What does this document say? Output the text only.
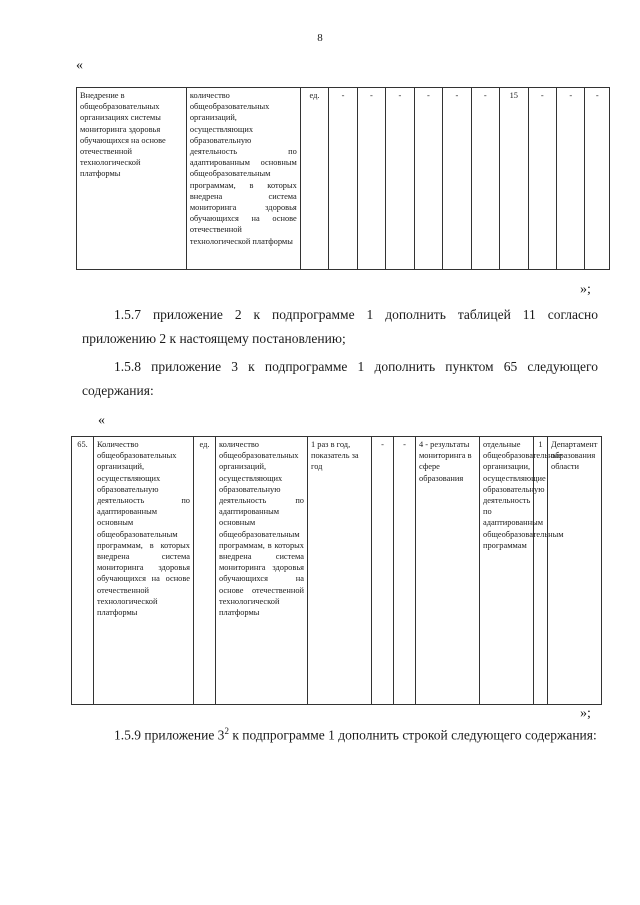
8
«
Внедрение в общеобразовательных организациях системы мониторинга здоровья обучающихся на основе отечественной технологической платформы	количество общеобразовательных организаций, осуществляющих образовательную деятельность по адаптированным основным общеобразовательным программам, в которых внедрена система мониторинга здоровья обучающихся на основе отечественной технологической платформы	ед.	-	-	-	-	-	-	15	-	-	-
»;
1.5.7 приложение 2 к подпрограмме 1 дополнить таблицей 11 согласно приложению 2 к настоящему постановлению;
1.5.8 приложение 3 к подпрограмме 1 дополнить пунктом 65 следующего содержания:
«
65.	Количество общеобразовательных организаций, осуществляющих образовательную деятельность по адаптированным основным общеобразовательным программам, в которых внедрена система мониторинга здоровья обучающихся на основе отечественной технологической платформы	ед.	количество общеобразовательных организаций, осуществляющих образовательную деятельность по адаптированным основным общеобразовательным программам, в которых внедрена система мониторинга здоровья обучающихся на основе отечественной технологической платформы	1 раз в год, показатель за год	-	-	4 - результаты мониторинга в сфере образования	отдельные общеобразовательные организации, осуществляющие образовательную деятельность по адаптированным общеобразовательным программам	1	Департамент образования области
»;
1.5.9 приложение $3^2$ к подпрограмме 1 дополнить строкой следующего содержания:
